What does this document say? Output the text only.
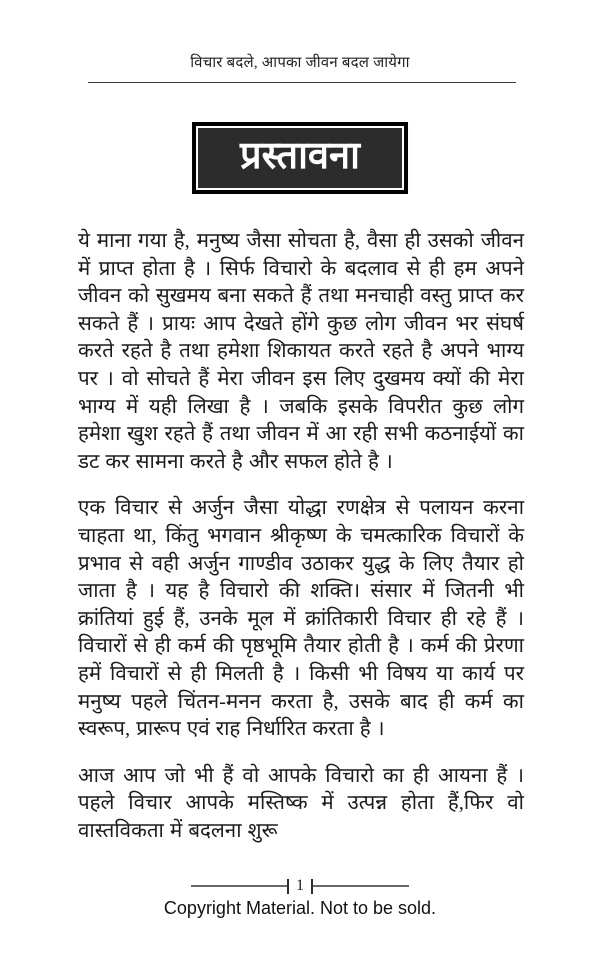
विचार बदले, आपका जीवन बदल जायेगा
प्रस्तावना

ये माना गया है, मनुष्य जैसा सोचता है, वैसा ही उसको जीवन में प्राप्त होता है । सिर्फ विचारो के बदलाव से ही हम अपने जीवन को सुखमय बना सकते हैं तथा मनचाही वस्तु प्राप्त कर सकते हैं । प्रायः आप देखते होंगे कुछ लोग जीवन भर संघर्ष करते रहते है तथा हमेशा शिकायत करते रहते है अपने भाग्य पर । वो सोचते हैं मेरा जीवन इस लिए दुखमय क्यों की मेरा भाग्य में यही लिखा है । जबकि इसके विपरीत कुछ लोग हमेशा खुश रहते हैं तथा जीवन में आ रही सभी कठनाईयों का डट कर सामना करते है और सफल होते है ।

एक विचार से अर्जुन जैसा योद्धा रणक्षेत्र से पलायन करना चाहता था, किंतु भगवान श्रीकृष्ण के चमत्कारिक विचारों के प्रभाव से वही अर्जुन गाण्डीव उठाकर युद्ध के लिए तैयार हो जाता है । यह है विचारो की शक्ति। संसार में जितनी भी क्रांतियां हुई हैं, उनके मूल में क्रांतिकारी विचार ही रहे हैं । विचारों से ही कर्म की पृष्ठभूमि तैयार होती है । कर्म की प्रेरणा हमें विचारों से ही मिलती है । किसी भी विषय या कार्य पर मनुष्य पहले चिंतन-मनन करता है, उसके बाद ही कर्म का स्वरूप, प्रारूप एवं राह निर्धारित करता है ।

आज आप जो भी हैं वो आपके विचारो का ही आयना हैं । पहले विचार आपके मस्तिष्क में उत्पन्न होता हैं,फिर वो वास्तविकता में बदलना शुरू

1
Copyright Material. Not to be sold.
